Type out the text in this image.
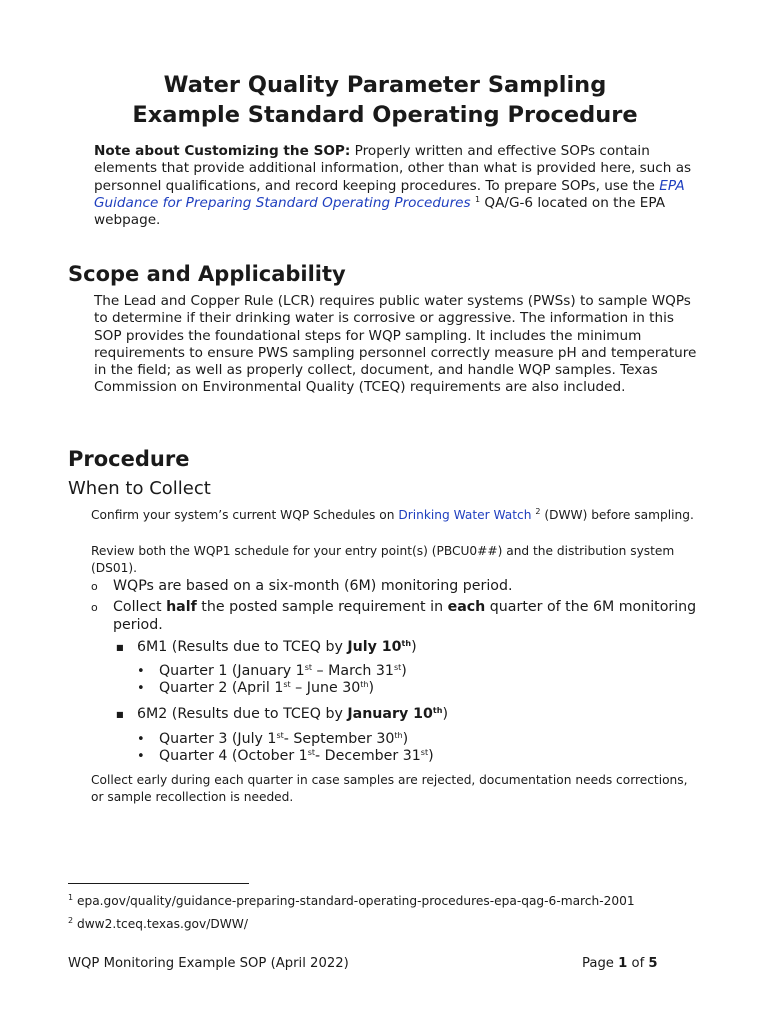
Water Quality Parameter Sampling
Example Standard Operating Procedure
Note about Customizing the SOP: Properly written and effective SOPs contain elements that provide additional information, other than what is provided here, such as personnel qualifications, and record keeping procedures. To prepare SOPs, use the EPA Guidance for Preparing Standard Operating Procedures $^1$ QA/G-6 located on the EPA webpage.
Scope and Applicability
The Lead and Copper Rule (LCR) requires public water systems (PWSs) to sample WQPs to determine if their drinking water is corrosive or aggressive. The information in this SOP provides the foundational steps for WQP sampling. It includes the minimum requirements to ensure PWS sampling personnel correctly measure pH and temperature in the field; as well as properly collect, document, and handle WQP samples. Texas Commission on Environmental Quality (TCEQ) requirements are also included.
Procedure
When to Collect
Confirm your system’s current WQP Schedules on Drinking Water Watch $^2$ (DWW) before sampling.
Review both the WQP1 schedule for your entry point(s) (PBCU0##) and the distribution system (DS01).
o WQPs are based on a six-month (6M) monitoring period.
o Collect half the posted sample requirement in each quarter of the 6M monitoring period.
■ 6M1 (Results due to TCEQ by July 10th)
• Quarter 1 (January 1st – March 31st)
• Quarter 2 (April 1st – June 30th)
■ 6M2 (Results due to TCEQ by January 10th)
• Quarter 3 (July 1st- September 30th)
• Quarter 4 (October 1st- December 31st)
Collect early during each quarter in case samples are rejected, documentation needs corrections, or sample recollection is needed.
$^1$ epa.gov/quality/guidance-preparing-standard-operating-procedures-epa-qag-6-march-2001
$^2$ dww2.tceq.texas.gov/DWW/
WQP Monitoring Example SOP (April 2022)	Page 1 of 5
